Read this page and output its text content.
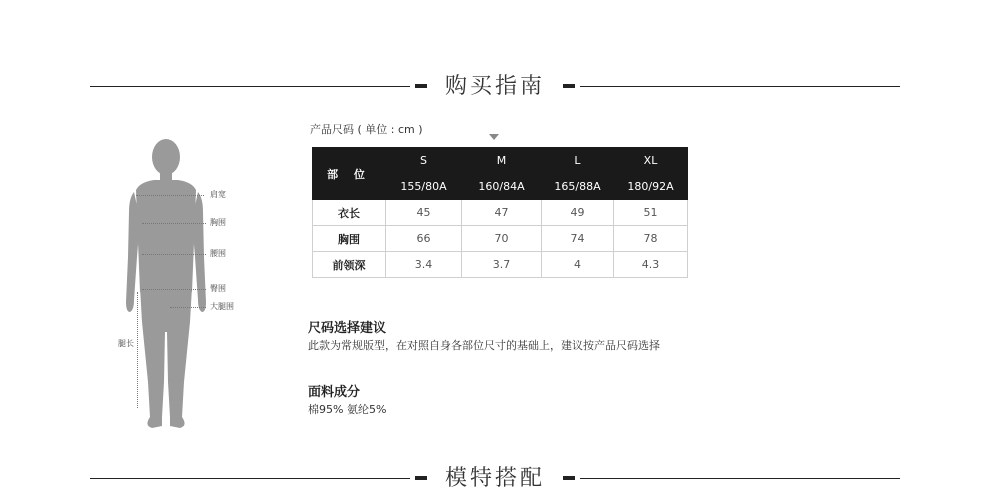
购买指南
肩宽
胸围
腰围
臀围
大腿围
腿长
产品尺码 ( 单位 : cm )
部 位	S	M	L	XL
	155/80A	160/84A	165/88A	180/92A
衣长	45	47	49	51
胸围	66	70	74	78
前领深	3.4	3.7	4	4.3
尺码选择建议
此款为常规版型，在对照自身各部位尺寸的基础上，建议按产品尺码选择
面料成分
棉95% 氨纶5%
模特搭配
